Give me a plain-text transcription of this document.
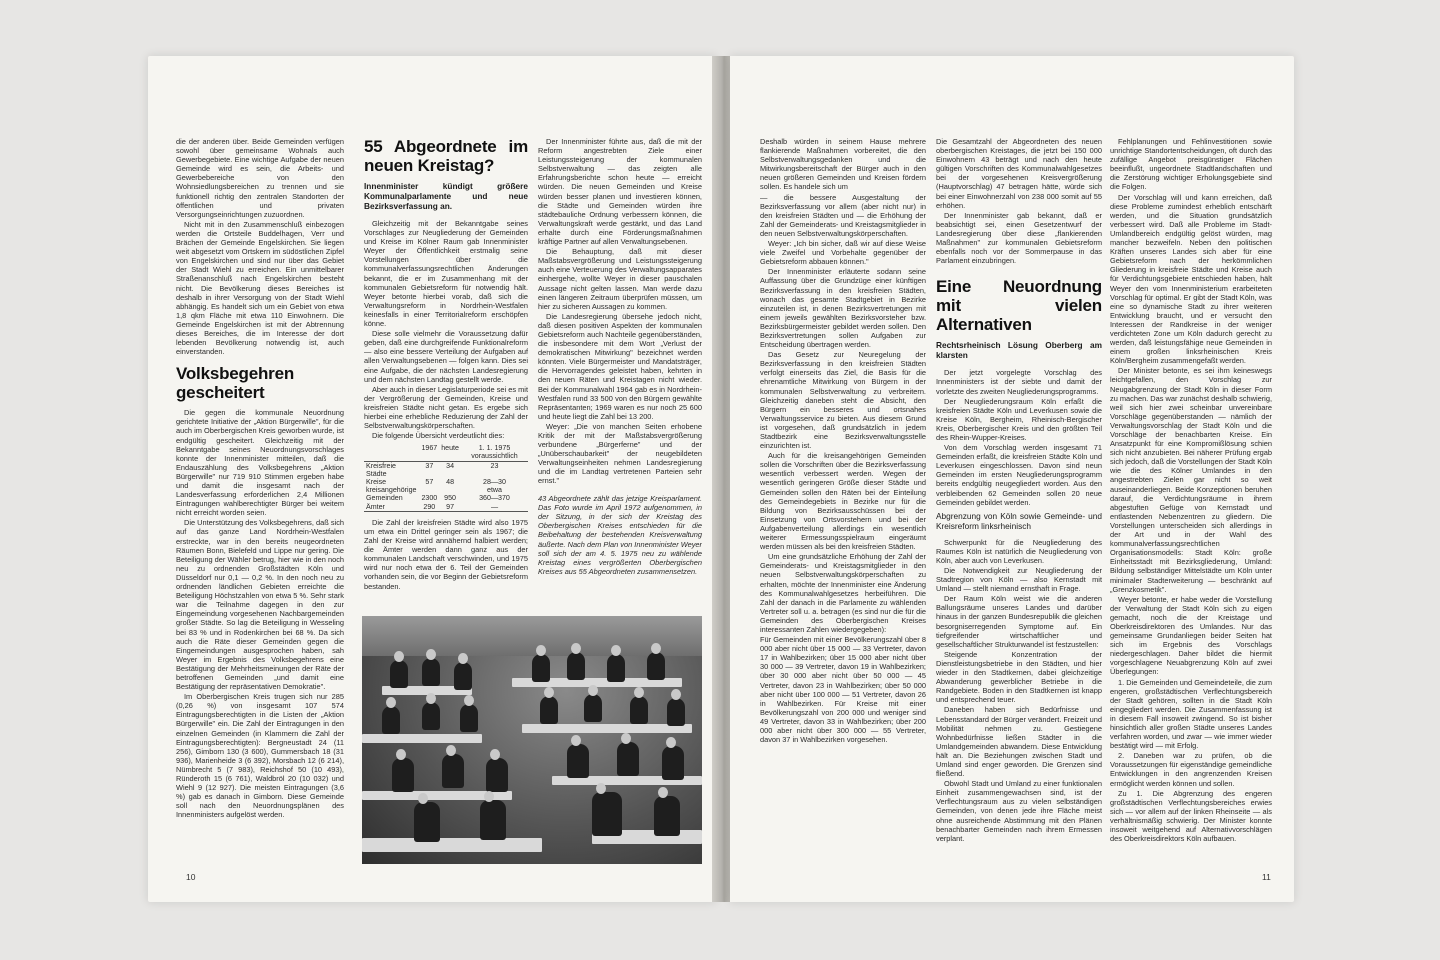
die der anderen über. Beide Gemeinden verfügen sowohl über gemeinsame Wohnals auch Gewerbegebiete. Eine wichtige Aufgabe der neuen Gemeinde wird es sein, die Arbeits- und Gewerbebereiche von den Wohnsiedlungsbereichen zu trennen und sie funktionell richtig den zentralen Standorten der öffentlichen und privaten Versorgungseinrichtungen zuzuordnen.

Nicht mit in den Zusammenschluß einbezogen werden die Ortsteile Buddelhagen, Verr und Brächen der Gemeinde Engelskirchen. Sie liegen weit abgesetzt vom Ortskern im südöstlichen Zipfel von Engelskirchen und sind nur über das Gebiet der Stadt Wiehl zu erreichen. Ein unmittelbarer Straßenanschluß nach Engelskirchen besteht nicht. Die Bevölkerung dieses Bereiches ist deshalb in ihrer Versorgung von der Stadt Wiehl abhängig. Es handelt sich um ein Gebiet von etwa 1,8 qkm Fläche mit etwa 110 Einwohnern. Die Gemeinde Engelskirchen ist mit der Abtrennung dieses Bereiches, die im Interesse der dort lebenden Bevölkerung notwendig ist, auch einverstanden.

Volksbegehren gescheitert

Die gegen die kommunale Neuordnung gerichtete Initiative der „Aktion Bürgerwille", für die auch im Oberbergischen Kreis geworben wurde, ist endgültig gescheitert. Gleichzeitig mit der Bekanntgabe seines Neuordnungsvorschlages konnte der Innenminister mitteilen, daß die Endauszählung des Volksbegehrens „Aktion Bürgerwille" nur 719 910 Stimmen ergeben habe und damit die insgesamt nach der Landesverfassung erforderlichen 2,4 Millionen Eintragungen wahlberechtigter Bürger bei weitem nicht erreicht worden seien.

Die Unterstützung des Volksbegehrens, daß sich auf das ganze Land Nordrhein-Westfalen erstreckte, war in den bereits neugeordneten Räumen Bonn, Bielefeld und Lippe nur gering. Die Beteiligung der Wähler betrug, hier wie in den noch neu zu ordnenden Großstädten Köln und Düsseldorf nur 0,1 — 0,2 %. In den noch neu zu ordnenden ländlichen Gebieten erreichte die Beteiligung Höchstzahlen von etwa 5 %. Sehr stark war die Teilnahme dagegen in den zur Eingemeindung vorgesehenen Nachbargemeinden großer Städte. So lag die Beteiligung in Wesseling bei 83 % und in Rodenkirchen bei 68 %. Da sich auch die Räte dieser Gemeinden gegen die Eingemeindungen ausgesprochen haben, sah Weyer im Ergebnis des Volksbegehrens eine Bestätigung der Mehrheitsmeinungen der Räte der betroffenen Gemeinden „und damit eine Bestätigung der repräsentativen Demokratie".

Im Oberbergischen Kreis trugen sich nur 285 (0,26 %) von insgesamt 107 574 Eintragungsberechtigten in die Listen der „Aktion Bürgerwille" ein. Die Zahl der Eintragungen in den einzelnen Gemeinden (in Klammern die Zahl der Eintragungsberechtigten): Bergneustadt 24 (11 256), Gimborn 130 (3 600), Gummersbach 18 (31 936), Marienheide 3 (6 392), Morsbach 12 (6 214), Nümbrecht 5 (7 983), Reichshof 50 (10 493), Ründeroth 15 (6 761), Waldbröl 20 (10 032) und Wiehl 9 (12 927). Die meisten Eintragungen (3,6 %) gab es danach in Gimborn. Diese Gemeinde soll nach den Neuordnungsplänen des Innenministers aufgelöst werden.

55 Abgeordnete im neuen Kreistag?
Innenminister kündigt größere Kommunalparlamente und neue Bezirksverfassung an.

Gleichzeitig mit der Bekanntgabe seines Vorschlages zur Neugliederung der Gemeinden und Kreise im Kölner Raum gab Innenminister Weyer der Öffentlichkeit erstmalig seine Vorstellungen über die kommunalverfassungsrechtlichen Änderungen bekannt, die er im Zusammenhang mit der kommunalen Gebietsreform für notwendig hält. Weyer betonte hierbei vorab, daß sich die Verwaltungsreform in Nordrhein-Westfalen keinesfalls in einer Territorialreform erschöpfen könne.

Diese solle vielmehr die Voraussetzung dafür geben, daß eine durchgreifende Funktionalreform — also eine bessere Verteilung der Aufgaben auf allen Verwaltungsebenen — folgen kann. Dies sei eine Aufgabe, die der nächsten Landesregierung und dem nächsten Landtag gestellt werde.

Aber auch in dieser Legislaturperiode sei es mit der Vergrößerung der Gemeinden, Kreise und kreisfreien Städte nicht getan. Es ergebe sich hierbei eine erhebliche Reduzierung der Zahl der Selbstverwaltungskörperschaften.

Die folgende Übersicht verdeutlicht dies:

	1967	heute	1. 1. 1975 voraussichtlich
Kreisfreie Städte	37	34	23
Kreise	57	48	28—30
kreisangehörige			etwa
Gemeinden	2300	950	360—370
Ämter	290	97	—

Die Zahl der kreisfreien Städte wird also 1975 um etwa ein Drittel geringer sein als 1967; die Zahl der Kreise wird annähernd halbiert werden; die Ämter werden dann ganz aus der kommunalen Landschaft verschwinden, und 1975 wird nur noch etwa der 6. Teil der Gemeinden vorhanden sein, die vor Beginn der Gebietsreform bestanden.

Der Innenminister führte aus, daß die mit der Reform angestrebten Ziele einer Leistungssteigerung der kommunalen Selbstverwaltung — das zeigten alle Erfahrungsberichte schon heute — erreicht würden. Die neuen Gemeinden und Kreise würden besser planen und investieren können, die Städte und Gemeinden würden ihre städtebauliche Ordnung verbessern können, die Verwaltungskraft werde gestärkt, und das Land erhalte durch eine Förderungsmaßnahmen kräftige Partner auf allen Verwaltungsebenen.

Die Behauptung, daß mit dieser Maßstabsvergrößerung und Leistungssteigerung auch eine Verteuerung des Verwaltungsapparates einhergehe, wollte Weyer in dieser pauschalen Aussage nicht gelten lassen. Man werde dazu einen längeren Zeitraum überprüfen müssen, um hier zu sicheren Aussagen zu kommen.

Die Landesregierung übersehe jedoch nicht, daß diesen positiven Aspekten der kommunalen Gebietsreform auch Nachteile gegenüberständen, die insbesondere mit dem Wort „Verlust der demokratischen Mitwirkung" bezeichnet werden könnten. Viele Bürgermeister und Mandatsträger, die Hervorragendes geleistet haben, kehrten in den neuen Räten und Kreistagen nicht wieder. Bei der Kommunalwahl 1964 gab es in Nordrhein-Westfalen rund 33 500 von den Bürgern gewählte Repräsentanten; 1969 waren es nur noch 25 600 und heute liegt die Zahl bei 13 200.

Weyer: „Die von manchen Seiten erhobene Kritik der mit der Maßstabsvergrößerung verbundene „Bürgerferne" und der „Unüberschaubarkeit" der neugebildeten Verwaltungseinheiten nehmen Landesregierung und die im Landtag vertretenen Parteien sehr ernst."

43 Abgeordnete zählt das jetzige Kreisparlament. Das Foto wurde im April 1972 aufgenommen, in der Sitzung, in der sich der Kreistag des Oberbergischen Kreises entschieden für die Beibehaltung der bestehenden Kreisverwaltung äußerte. Nach dem Plan von Innenminister Weyer soll sich der am 4. 5. 1975 neu zu wählende Kreistag eines vergrößerten Oberbergischen Kreises aus 55 Abgeordneten zusammensetzen.
10

Deshalb würden in seinem Hause mehrere flankierende Maßnahmen vorbereitet, die den Selbstverwaltungsgedanken und die Mitwirkungsbereitschaft der Bürger auch in den neuen größeren Gemeinden und Kreisen fördern sollen. Es handele sich um

— die bessere Ausgestaltung der Bezirksverfassung vor allem (aber nicht nur) in den kreisfreien Städten und — die Erhöhung der Zahl der Gemeinderats- und Kreistagsmitglieder in den neuen Selbstverwaltungskörperschaften.

Weyer: „Ich bin sicher, daß wir auf diese Weise viele Zweifel und Vorbehalte gegenüber der Gebietsreform abbauen können."

Der Innenminister erläuterte sodann seine Auffassung über die Grundzüge einer künftigen Bezirksverfassung in den kreisfreien Städten, wonach das gesamte Stadtgebiet in Bezirke einzuteilen ist, in denen Bezirksvertretungen mit einem jeweils gewählten Bezirksvorsteher bzw. Bezirksbürgermeister gebildet werden sollen. Den Bezirksvertretungen sollen Aufgaben zur Entscheidung übertragen werden.

Das Gesetz zur Neuregelung der Bezirksverfassung in den kreisfreien Städten verfolgt einerseits das Ziel, die Basis für die ehrenamtliche Mitwirkung von Bürgern in der kommunalen Selbstverwaltung zu verbreitern. Gleichzeitig daneben steht die Absicht, den Bürgern ein besseres und ortsnahes Verwaltungsservice zu bieten. Aus diesem Grund ist vorgesehen, daß grundsätzlich in jedem Stadtbezirk eine Bezirksverwaltungsstelle einzurichten ist.

Auch für die kreisangehörigen Gemeinden sollen die Vorschriften über die Bezirksverfassung wesentlich verbessert werden. Wegen der wesentlich geringeren Größe dieser Städte und Gemeinden sollen den Räten bei der Einteilung des Gemeindegebiets in Bezirke nur für die Bildung von Bezirksausschüssen bei der Einsetzung von Ortsvorstehern und bei der Aufgabenverteilung allerdings ein wesentlich weiterer Ermessungsspielraum eingeräumt werden müssen als bei den kreisfreien Städten.

Um eine grundsätzliche Erhöhung der Zahl der Gemeinderats- und Kreistagsmitglieder in den neuen Selbstverwaltungskörperschaften zu erhalten, möchte der Innenminister eine Änderung des Kommunalwahlgesetzes herbeiführen. Die Zahl der danach in die Parlamente zu wählenden Vertreter soll u. a. betragen (es sind nur die für die Gemeinden des Oberbergischen Kreises interessanten Zahlen wiedergegeben):

Für Gemeinden mit einer Bevölkerungszahl über 8 000 aber nicht über 15 000 — 33 Vertreter, davon 17 in Wahlbezirken; über 15 000 aber nicht über 30 000 — 39 Vertreter, davon 19 in Wahlbezirken; über 30 000 aber nicht über 50 000 — 45 Vertreter, davon 23 in Wahlbezirken; über 50 000 aber nicht über 100 000 — 51 Vertreter, davon 26 in Wahlbezirken. Für Kreise mit einer Bevölkerungszahl von 200 000 und weniger sind 49 Vertreter, davon 33 in Wahlbezirken; über 200 000 aber nicht über 300 000 — 55 Vertreter, davon 37 in Wahlbezirken vorgesehen.

Die Gesamtzahl der Abgeordneten des neuen oberbergischen Kreistages, die jetzt bei 150 000 Einwohnern 43 beträgt und nach den heute gültigen Vorschriften des Kommunalwahlgesetzes bei der vorgesehenen Kreisvergrößerung (Hauptvorschlag) 47 betragen hätte, würde sich bei einer Einwohnerzahl von 238 000 somit auf 55 erhöhen.

Der Innenminister gab bekannt, daß er beabsichtigt sei, einen Gesetzentwurf der Landesregierung über diese „flankierenden Maßnahmen" zur kommunalen Gebietsreform ebenfalls noch vor der Sommerpause in das Parlament einzubringen.

Eine Neuordnung mit vielen Alternativen
Rechtsrheinisch Lösung Oberberg am klarsten

Der jetzt vorgelegte Vorschlag des Innenministers ist der siebte und damit der vorletzte des zweiten Neugliederungsprogramms.

Der Neugliederungsraum Köln erfaßt die kreisfreien Städte Köln und Leverkusen sowie die Kreise Köln, Bergheim, Rheinisch-Bergischer Kreis, Oberbergischer Kreis und den größten Teil des Rhein-Wupper-Kreises.

Von dem Vorschlag werden insgesamt 71 Gemeinden erfaßt, die kreisfreien Städte Köln und Leverkusen eingeschlossen. Davon sind neun Gemeinden im ersten Neugliederungsprogramm bereits endgültig neugegliedert worden. Aus den verbleibenden 62 Gemeinden sollen 20 neue Gemeinden gebildet werden.

Abgrenzung von Köln sowie Gemeinde- und Kreisreform linksrheinisch

Schwerpunkt für die Neugliederung des Raumes Köln ist natürlich die Neugliederung von Köln, aber auch von Leverkusen.

Die Notwendigkeit zur Neugliederung der Stadtregion von Köln — also Kernstadt mit Umland — stellt niemand ernsthaft in Frage.

Der Raum Köln weist wie die anderen Ballungsräume unseres Landes und darüber hinaus in der ganzen Bundesrepublik die gleichen besorgniserregenden Symptome auf. Ein tiefgreifender wirtschaftlicher und gesellschaftlicher Strukturwandel ist festzustellen:

Steigende Konzentration der Dienstleistungsbetriebe in den Städten, und hier wieder in den Stadtkernen, dabei gleichzeitige Abwanderung gewerblicher Betriebe in die Randgebiete. Boden in den Stadtkernen ist knapp und entsprechend teuer.

Daneben haben sich Bedürfnisse und Lebensstandard der Bürger verändert. Freizeit und Mobilität nehmen zu. Gestiegene Wohnbedürfnisse ließen Städter in die Umlandgemeinden abwandern. Diese Entwicklung hält an. Die Beziehungen zwischen Stadt und Umland sind enger geworden. Die Grenzen sind fließend.

Obwohl Stadt und Umland zu einer funktionalen Einheit zusammengewachsen sind, ist der Verflechtungsraum aus zu vielen selbständigen Gemeinden, von denen jede ihre Fläche meist ohne ausreichende Abstimmung mit den Plänen benachbarter Gemeinden nach ihrem Ermessen verplant.

Fehlplanungen und Fehlinvestitionen sowie unrichtige Standortentscheidungen, oft durch das zufällige Angebot preisgünstiger Flächen beeinflußt, ungeordnete Stadtlandschaften und die Zerstörung wichtiger Erholungsgebiete sind die Folgen.

Der Vorschlag will und kann erreichen, daß diese Probleme zumindest erheblich entschärft werden, und die Situation grundsätzlich verbessert wird. Daß alle Probleme im Stadt-Umlandbereich endgültig gelöst würden, mag mancher bezweifeln. Neben den politischen Kräften unseres Landes sich aber für eine Gebietsreform nach der herkömmlichen Gliederung in kreisfreie Städte und Kreise auch für Verdichtungsgebiete entschieden haben, hält Weyer den vom Innenministerium erarbeiteten Vorschlag für optimal. Er gibt der Stadt Köln, was eine so dynamische Stadt zu ihrer weiteren Entwicklung braucht, und er versucht den Interessen der Randkreise in der weniger verdichteten Zone um Köln dadurch gerecht zu werden, daß leistungsfähige neue Gemeinden in einem großen linksrheinischen Kreis Köln/Bergheim zusammengefaßt werden.

Der Minister betonte, es sei ihm keineswegs leichtgefallen, den Vorschlag zur Neugabgrenzung der Stadt Köln in dieser Form zu machen. Das war zunächst deshalb schwierig, weil sich hier zwei scheinbar unvereinbare Vorschläge gegenüberstanden — nämlich der Verwaltungsvorschlag der Stadt Köln und die Vorschläge der benachbarten Kreise. Ein Ansatzpunkt für eine Kompromißlösung schien sich nicht anzubieten. Bei näherer Prüfung ergab sich jedoch, daß die Vorstellungen der Stadt Köln wie die des Kölner Umlandes in den angestrebten Zielen gar nicht so weit auseinanderliegen. Beide Konzeptionen beruhen darauf, die Verdichtungsräume in ihrem abgestuften Gefüge von Kernstadt und entlastenden Nebenzentren zu gliedern. Die Vorstellungen unterscheiden sich allerdings in der Art und in der Wahl des kommunalverfassungsrechtlichen Organisationsmodells: Stadt Köln: große Einheitsstadt mit Bezirksgliederung, Umland: Bildung selbständiger Mittelstädte um Köln unter minimaler Stadterweiterung — beschränkt auf „Grenzkosmetik".

Weyer betonte, er habe weder die Vorstellung der Verwaltung der Stadt Köln sich zu eigen gemacht, noch die der Kreistage und Oberkreisdirektoren des Umlandes. Nur das gemeinsame Grundanliegen beider Seiten hat sich im Ergebnis des Vorschlags niedergeschlagen. Daher bildet die hiermit vorgeschlagene Neuabgrenzung Köln auf zwei Überlegungen:

1. Die Gemeinden und Gemeindeteile, die zum engeren, großstädtischen Verflechtungsbereich der Stadt gehören, sollten in die Stadt Köln eingegliedert werden. Die Zusammenfassung ist in diesem Fall insoweit zwingend. So ist bisher hinsichtlich aller großen Städte unseres Landes verfahren worden, und zwar — wie immer wieder bestätigt wird — mit Erfolg.

2. Daneben war zu prüfen, ob die Voraussetzungen für eigenständige gemeindliche Entwicklungen in den angrenzenden Kreisen ermöglicht werden können und sollen.

Zu 1. Die Abgrenzung des engeren großstädtischen Verflechtungsbereiches erwies sich — vor allem auf der linken Rheinseite — als verhältnismäßig schwierig. Der Minister konnte insoweit weitgehend auf Alternativvorschlägen des Oberkreisdirektors Köln aufbauen.

11
